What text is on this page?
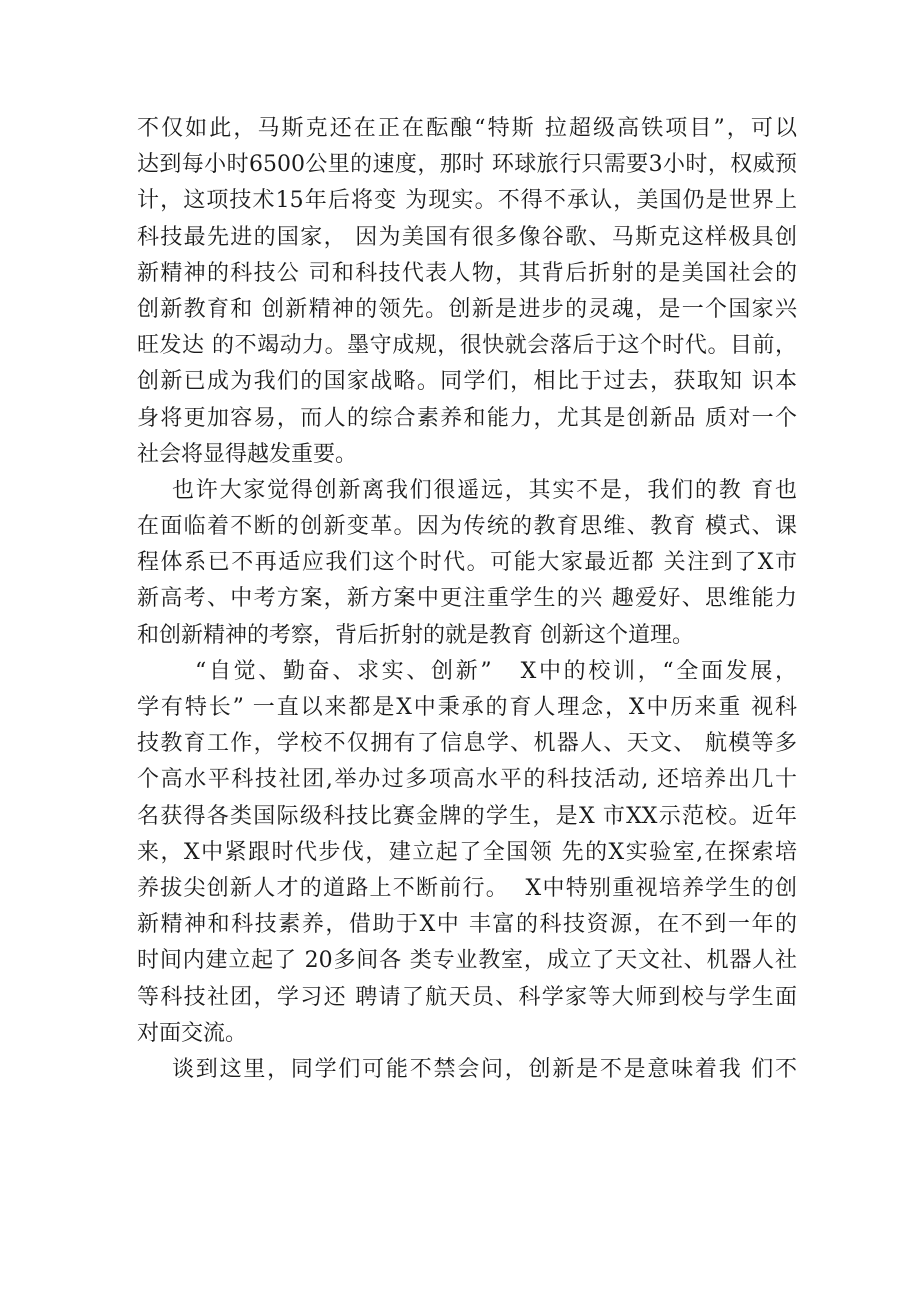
不仅如此，马斯克还在正在酝酿“特斯 拉超级高铁项目”，可以
达到每小时6500公里的速度，那时 环球旅行只需要3小时，权威预
计，这项技术15年后将变 为现实。不得不承认，美国仍是世界上
科技最先进的国家， 因为美国有很多像谷歌、马斯克这样极具创
新精神的科技公 司和科技代表人物，其背后折射的是美国社会的
创新教育和 创新精神的领先。创新是进步的灵魂，是一个国家兴
旺发达 的不竭动力。墨守成规，很快就会落后于这个时代。目前，
创新已成为我们的国家战略。同学们，相比于过去，获取知 识本
身将更加容易，而人的综合素养和能力，尤其是创新品 质对一个
社会将显得越发重要。
也许大家觉得创新离我们很遥远，其实不是，我们的教 育也
在面临着不断的创新变革。因为传统的教育思维、教育 模式、课
程体系已不再适应我们这个时代。可能大家最近都 关注到了X市
新高考、中考方案，新方案中更注重学生的兴 趣爱好、思维能力
和创新精神的考察，背后折射的就是教育 创新这个道理。
“自觉、勤奋、求实、创新”   X中的校训，“全面发展，
学有特长” 一直以来都是X中秉承的育人理念，X中历来重 视科
技教育工作，学校不仅拥有了信息学、机器人、天文、 航模等多
个高水平科技社团,举办过多项高水平的科技活动, 还培养出几十
名获得各类国际级科技比赛金牌的学生，是X 市XX示范校。近年
来，X中紧跟时代步伐，建立起了全国领 先的X实验室,在探索培
养拔尖创新人才的道路上不断前行。  X中特别重视培养学生的创
新精神和科技素养，借助于X中 丰富的科技资源，在不到一年的
时间内建立起了 20多间各 类专业教室，成立了天文社、机器人社
等科技社团，学习还 聘请了航天员、科学家等大师到校与学生面
对面交流。
谈到这里，同学们可能不禁会问，创新是不是意味着我 们不
